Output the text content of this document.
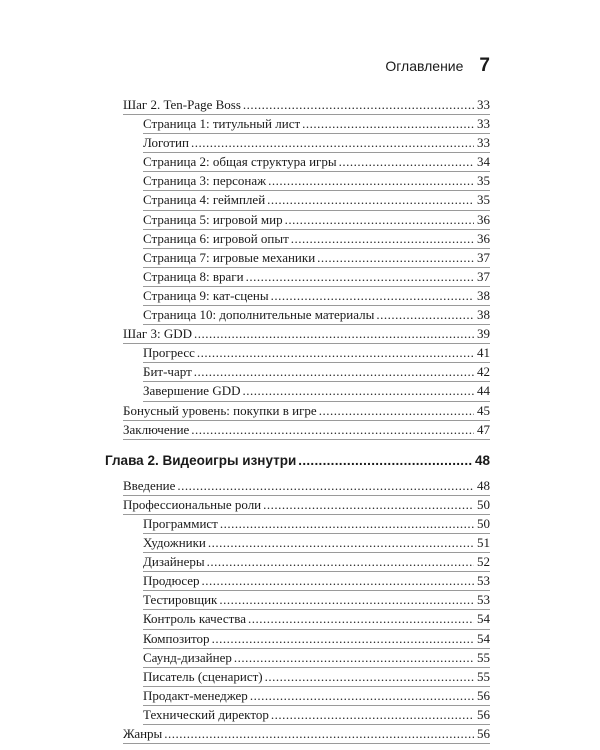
Оглавление 7
Шаг 2. Ten-Page Boss .....	33
Страница 1: титульный лист .....	33
Логотип .....	33
Страница 2: общая структура игры .....	34
Страница 3: персонаж .....	35
Страница 4: геймплей .....	35
Страница 5: игровой мир .....	36
Страница 6: игровой опыт .....	36
Страница 7: игровые механики .....	37
Страница 8: враги .....	37
Страница 9: кат-сцены .....	38
Страница 10: дополнительные материалы .....	38
Шаг 3: GDD .....	39
Прогресс .....	41
Бит-чарт .....	42
Завершение GDD .....	44
Бонусный уровень: покупки в игре .....	45
Заключение .....	47
Глава 2. Видеоигры изнутри .....	48
Введение .....	48
Профессиональные роли .....	50
Программист .....	50
Художники .....	51
Дизайнеры .....	52
Продюсер .....	53
Тестировщик .....	53
Контроль качества .....	54
Композитор .....	54
Саунд-дизайнер .....	55
Писатель (сценарист) .....	55
Продакт-менеджер .....	56
Технический директор .....	56
Жанры .....	56
